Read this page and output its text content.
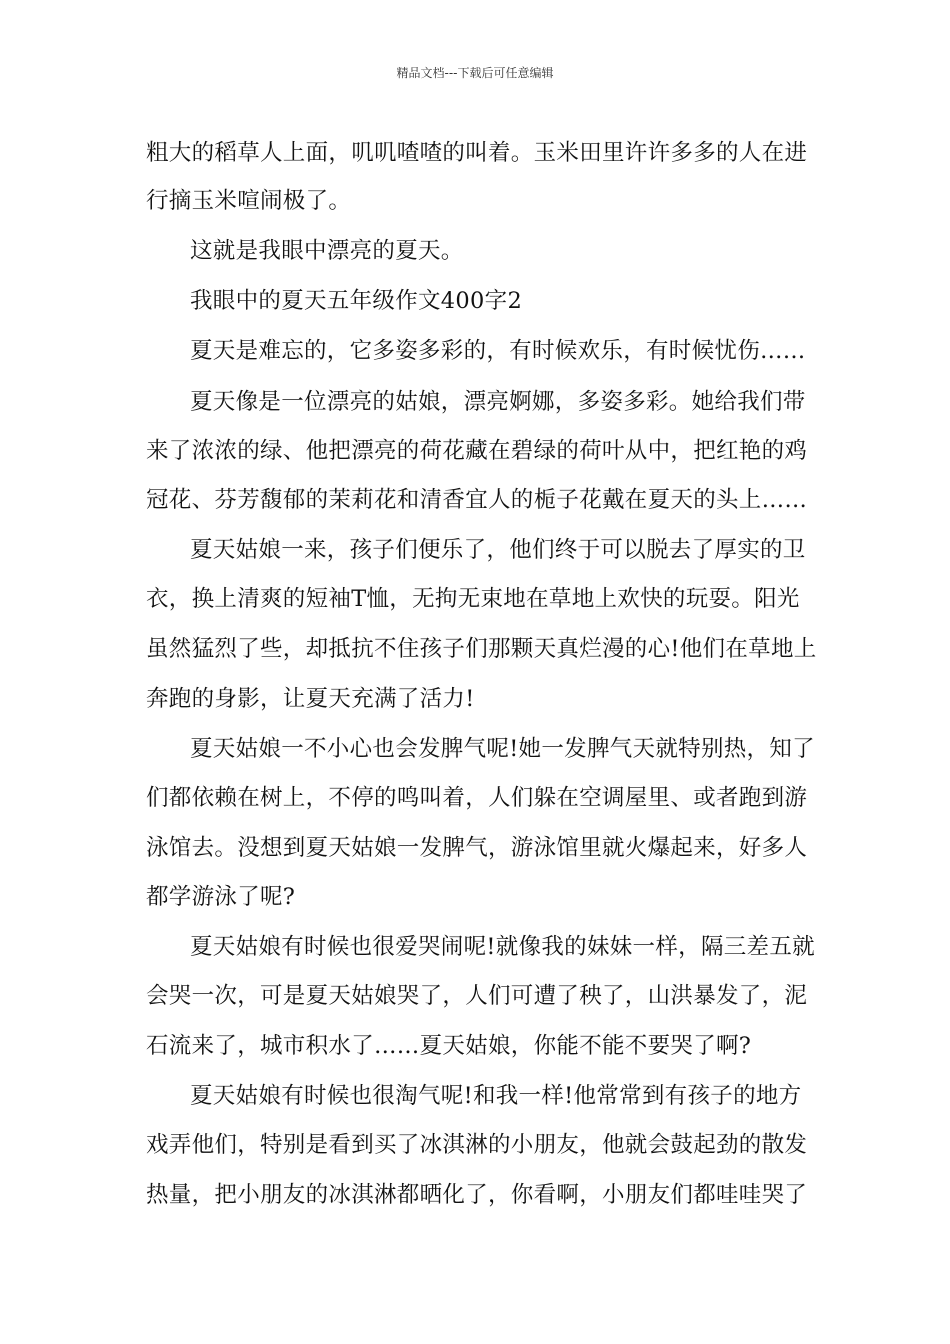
精品文档---下载后可任意编辑
粗大的稻草人上面，叽叽喳喳的叫着。玉米田里许许多多的人在进
行摘玉米喧闹极了。
这就是我眼中漂亮的夏天。
我眼中的夏天五年级作文400字2
夏天是难忘的，它多姿多彩的，有时候欢乐，有时候忧伤……
夏天像是一位漂亮的姑娘，漂亮婀娜，多姿多彩。她给我们带
来了浓浓的绿、他把漂亮的荷花藏在碧绿的荷叶从中，把红艳的鸡
冠花、芬芳馥郁的茉莉花和清香宜人的栀子花戴在夏天的头上……
夏天姑娘一来，孩子们便乐了，他们终于可以脱去了厚实的卫
衣，换上清爽的短袖T恤，无拘无束地在草地上欢快的玩耍。阳光
虽然猛烈了些，却抵抗不住孩子们那颗天真烂漫的心!他们在草地上
奔跑的身影，让夏天充满了活力!
夏天姑娘一不小心也会发脾气呢!她一发脾气天就特别热，知了
们都依赖在树上，不停的鸣叫着，人们躲在空调屋里、或者跑到游
泳馆去。没想到夏天姑娘一发脾气，游泳馆里就火爆起来，好多人
都学游泳了呢?
夏天姑娘有时候也很爱哭闹呢!就像我的妹妹一样，隔三差五就
会哭一次，可是夏天姑娘哭了，人们可遭了秧了，山洪暴发了，泥
石流来了，城市积水了……夏天姑娘，你能不能不要哭了啊?
夏天姑娘有时候也很淘气呢!和我一样!他常常到有孩子的地方
戏弄他们，特别是看到买了冰淇淋的小朋友，他就会鼓起劲的散发
热量，把小朋友的冰淇淋都晒化了，你看啊，小朋友们都哇哇哭了
